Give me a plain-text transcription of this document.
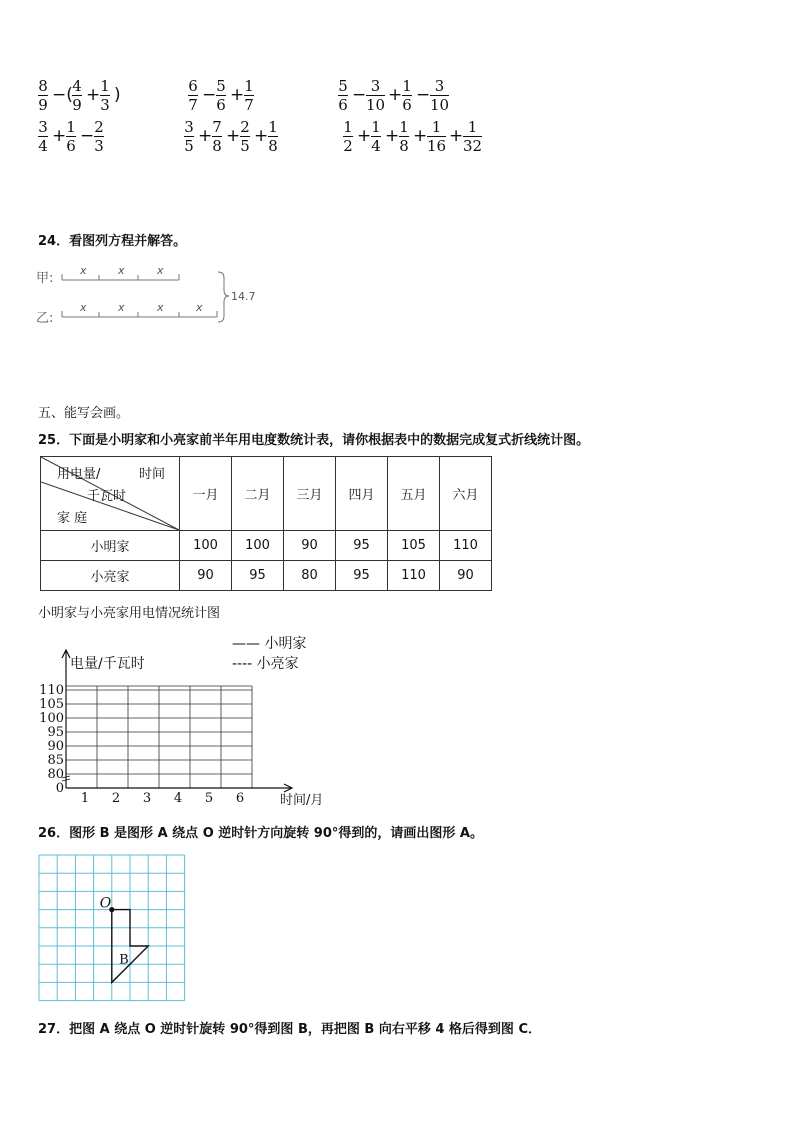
8
9 −( 4
9 + 1
3 )	6
7 − 5
6 + 1
7
5
6 − 3
10 + 1
6 − 3
10
3
4 + 1
6 − 2
3
3
5 + 7
8 + 2
5 + 1
8
1
2 + 1
4 + 1
8 + 1
16 + 1
32
24．看图列方程并解答。
甲:
乙:
14.7
x	x	x
x	x	x	x
五、能写会画。
25．下面是小明家和小亮家前半年用电度数统计表，请你根据表中的数据完成复式折线统计图。
用电量/ 时间
千瓦时
家 庭	一月	二月	三月	四月	五月	六月
小明家	100	100	90	95	105	110
小亮家	90	95	80	95	110	90
小明家与小亮家用电情况统计图
0
80
85
90
95
100
105
110
1 2 3 4 5 6
电量/千瓦时
时间/月
—— 小明家
---- 小亮家
26．图形 B 是图形 A 绕点 O 逆时针方向旋转 90°得到的，请画出图形 A。
O
B
27．把图 A 绕点 O 逆时针旋转 90°得到图 B，再把图 B 向右平移 4 格后得到图 C．
